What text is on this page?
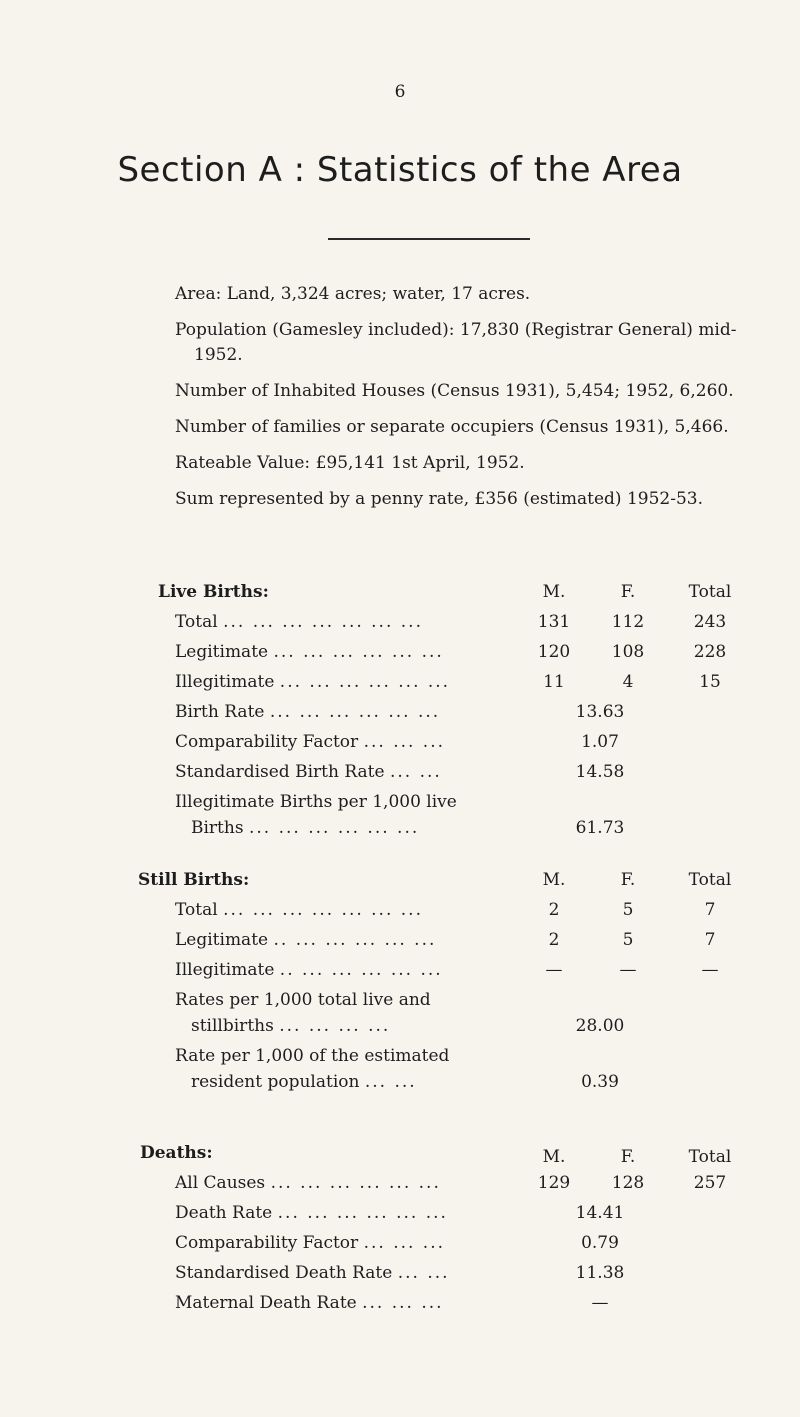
6
Section A : Statistics of the Area

Area: Land, 3,324 acres; water, 17 acres.

Population (Gamesley included): 17,830 (Registrar General) mid-1952.

Number of Inhabited Houses (Census 1931), 5,454; 1952, 6,260.

Number of families or separate occupiers (Census 1931), 5,466.

Rateable Value: £95,141 1st April, 1952.

Sum represented by a penny rate, £356 (estimated) 1952-53.

Live Births:	M.	F.	Total
Total ... ... ... ... ... ... ...	131	112	243
Legitimate ... ... ... ... ... ...	120	108	228
Illegitimate ... ... ... ... ... ...	11	4	15
Birth Rate ... ... ... ... ... ...	13.63
Comparability Factor ... ... ...	1.07
Standardised Birth Rate ... ...	14.58
Illegitimate Births per 1,000 live
Births ... ... ... ... ... ...	61.73
Still Births:	M.	F.	Total
Total ... ... ... ... ... ... ...	2	5	7
Legitimate .. ... ... ... ... ...	2	5	7
Illegitimate .. ... ... ... ... ...	—	—	—
Rates per 1,000 total live and
stillbirths ... ... ... ...	28.00
Rate per 1,000 of the estimated
resident population ... ...	0.39
Deaths:	M.	F.	Total
All Causes ... ... ... ... ... ...	129	128	257
Death Rate ... ... ... ... ... ...	14.41
Comparability Factor ... ... ...	0.79
Standardised Death Rate ... ...	11.38
Maternal Death Rate ... ... ...	—
